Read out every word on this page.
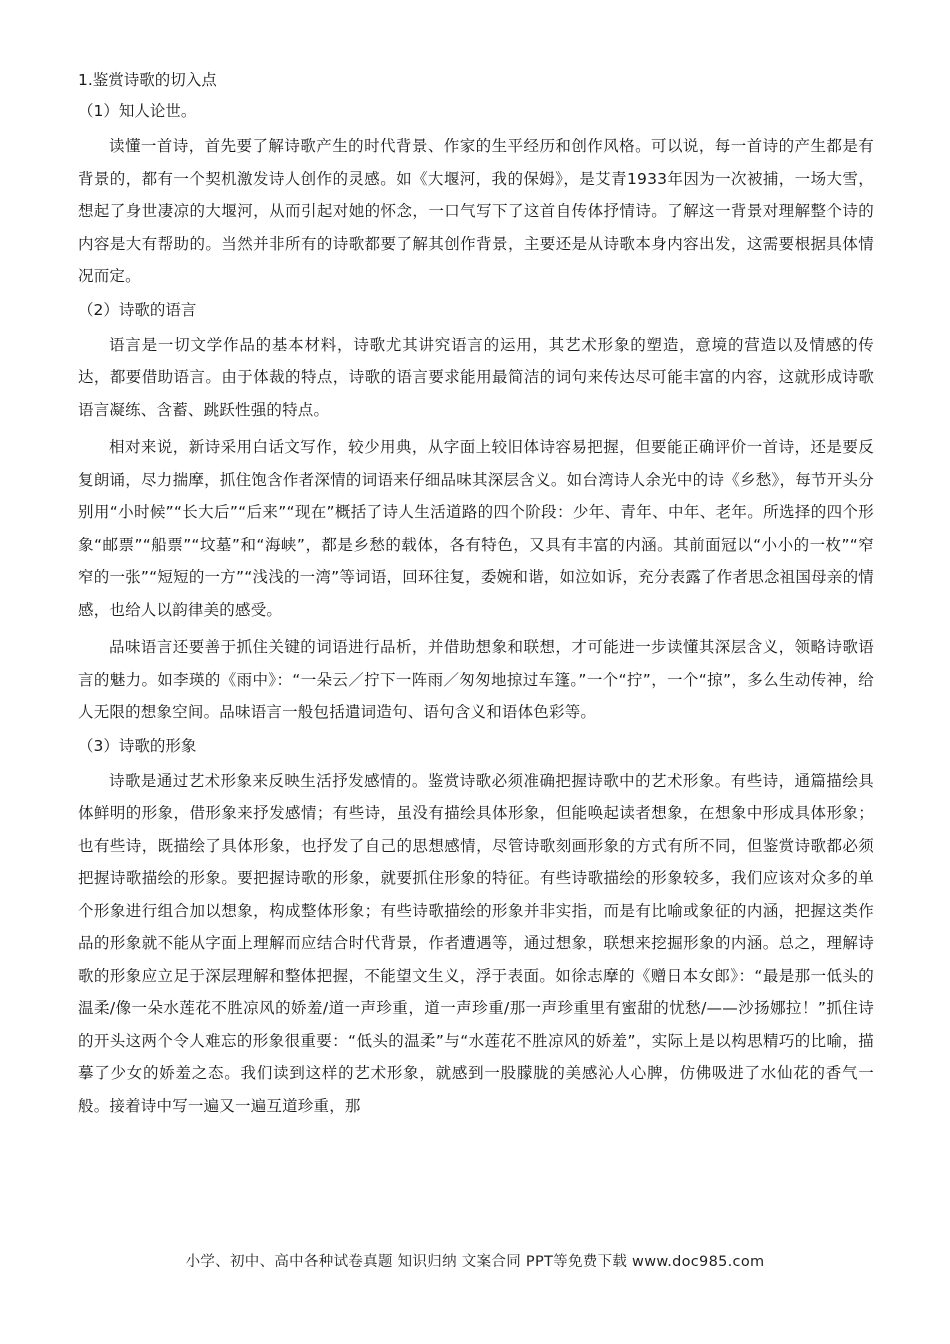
1.鉴赏诗歌的切入点

（1）知人论世。

读懂一首诗，首先要了解诗歌产生的时代背景、作家的生平经历和创作风格。可以说，每一首诗的产生都是有背景的，都有一个契机激发诗人创作的灵感。如《大堰河，我的保姆》，是艾青1933年因为一次被捕，一场大雪，想起了身世凄凉的大堰河，从而引起对她的怀念，一口气写下了这首自传体抒情诗。了解这一背景对理解整个诗的内容是大有帮助的。当然并非所有的诗歌都要了解其创作背景，主要还是从诗歌本身内容出发，这需要根据具体情况而定。

（2）诗歌的语言

语言是一切文学作品的基本材料，诗歌尤其讲究语言的运用，其艺术形象的塑造，意境的营造以及情感的传达，都要借助语言。由于体裁的特点，诗歌的语言要求能用最简洁的词句来传达尽可能丰富的内容，这就形成诗歌语言凝练、含蓄、跳跃性强的特点。

相对来说，新诗采用白话文写作，较少用典，从字面上较旧体诗容易把握，但要能正确评价一首诗，还是要反复朗诵，尽力揣摩，抓住饱含作者深情的词语来仔细品味其深层含义。如台湾诗人余光中的诗《乡愁》，每节开头分别用“小时候”“长大后”“后来”“现在”概括了诗人生活道路的四个阶段：少年、青年、中年、老年。所选择的四个形象“邮票”“船票”“坟墓”和“海峡”，都是乡愁的载体，各有特色，又具有丰富的内涵。其前面冠以“小小的一枚”“窄窄的一张”“短短的一方”“浅浅的一湾”等词语，回环往复，委婉和谐，如泣如诉，充分表露了作者思念祖国母亲的情感，也给人以韵律美的感受。

品味语言还要善于抓住关键的词语进行品析，并借助想象和联想，才可能进一步读懂其深层含义，领略诗歌语言的魅力。如李瑛的《雨中》：“一朵云／拧下一阵雨／匆匆地掠过车篷。”一个“拧”，一个“掠”，多么生动传神，给人无限的想象空间。品味语言一般包括遣词造句、语句含义和语体色彩等。

（3）诗歌的形象

诗歌是通过艺术形象来反映生活抒发感情的。鉴赏诗歌必须准确把握诗歌中的艺术形象。有些诗，通篇描绘具体鲜明的形象，借形象来抒发感情；有些诗，虽没有描绘具体形象，但能唤起读者想象，在想象中形成具体形象；也有些诗，既描绘了具体形象，也抒发了自己的思想感情，尽管诗歌刻画形象的方式有所不同，但鉴赏诗歌都必须把握诗歌描绘的形象。要把握诗歌的形象，就要抓住形象的特征。有些诗歌描绘的形象较多，我们应该对众多的单个形象进行组合加以想象，构成整体形象；有些诗歌描绘的形象并非实指，而是有比喻或象征的内涵，把握这类作品的形象就不能从字面上理解而应结合时代背景，作者遭遇等，通过想象，联想来挖掘形象的内涵。总之，理解诗歌的形象应立足于深层理解和整体把握，不能望文生义，浮于表面。如徐志摩的《赠日本女郎》：“最是那一低头的温柔/像一朵水莲花不胜凉风的娇羞/道一声珍重，道一声珍重/那一声珍重里有蜜甜的忧愁/——沙扬娜拉！”抓住诗的开头这两个令人难忘的形象很重要：“低头的温柔”与“水莲花不胜凉风的娇羞”，实际上是以构思精巧的比喻，描摹了少女的娇羞之态。我们读到这样的艺术形象，就感到一股朦胧的美感沁人心脾，仿佛吸进了水仙花的香气一般。接着诗中写一遍又一遍互道珍重，那

小学、初中、高中各种试卷真题 知识归纳 文案合同 PPT等免费下载 www.doc985.com
